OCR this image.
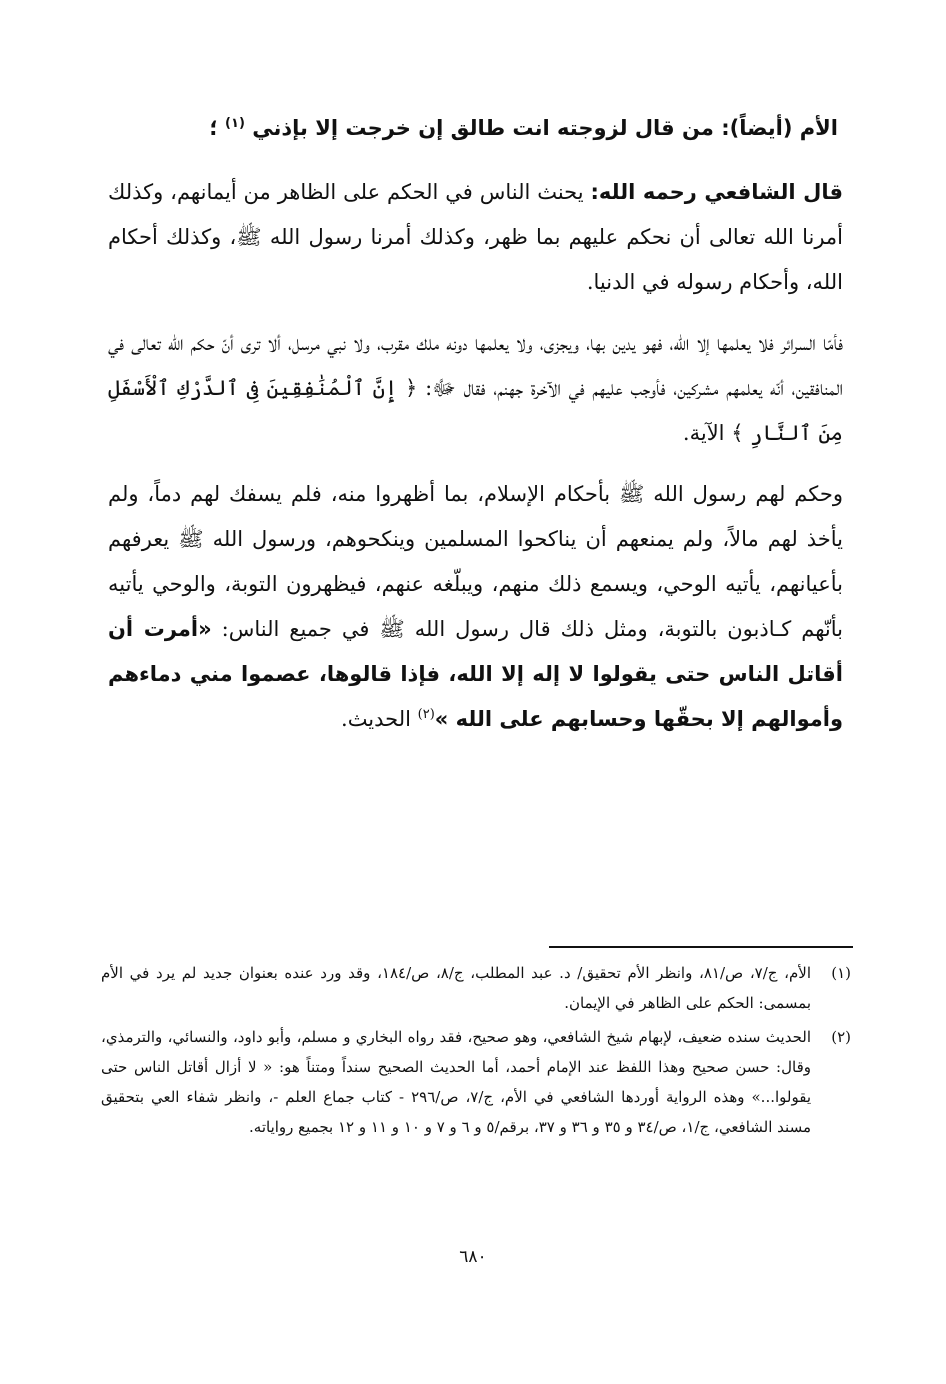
الأم (أيضاً): من قال لزوجته انت طالق إن خرجت إلا بإذني $^{(١)}$ ؛

قال الشافعي رحمه الله: يحنث الناس في الحكم على الظاهر من أيمانهم، وكذلك أمرنا الله تعالى أن نحكم عليهم بما ظهر، وكذلك أمرنا رسول الله ﷺ، وكذلك أحكام الله، وأحكام رسوله في الدنيا.

فأمّا السرائر فلا يعلمها إلا الله، فهو يدين بها، ويجزى، ولا يعلمها دونه ملك مقرب، ولا نبي مرسل، ألا ترى أنّ حكم الله تعالى في المنافقين، أنّه يعلمهم مشركين، فأوجب عليهم في الآخرة جهنم، فقال ﷻ: ﴿ إِنَّ ٱلْمُنَٰفِقِينَ فِى ٱلدَّرْكِ ٱلْأَسْفَلِ مِنَ ٱلنَّارِ ﴾ الآية.

وحكم لهم رسول الله ﷺ بأحكام الإسلام، بما أظهروا منه، فلم يسفك لهم دماً، ولم يأخذ لهم مالاً، ولم يمنعهم أن يناكحوا المسلمين وينكحوهم، ورسول الله ﷺ يعرفهم بأعيانهم، يأتيه الوحي، ويسمع ذلك منهم، ويبلّغه عنهم، فيظهرون التوبة، والوحي يأتيه بأنّهم كـاذبون بالتوبة، ومثل ذلك قال رسول الله ﷺ في جميع الناس: «أمرت أن أقاتل الناس حتى يقولوا لا إله إلا الله، فإذا قالوها، عصموا مني دماءهم وأموالهم إلا بحقّها وحسابهم على الله »$^{(٢)}$ الحديث.

(١)
الأم، ج/٧، ص/٨١، وانظر الأم تحقيق/ د. عبد المطلب، ج/٨، ص/١٨٤، وقد ورد عنده بعنوان جديد لم يرد في الأم بمسمى: الحكم على الظاهر في الإيمان.
(٢)
الحديث سنده ضعيف، لإبهام شيخ الشافعي، وهو صحيح، فقد رواه البخاري و مسلم، وأبو داود، والنسائي، والترمذي، وقال: حسن صحيح وهذا اللفظ عند الإمام أحمد، أما الحديث الصحيح سنداً ومتناً هو: « لا أزال أقاتل الناس حتى يقولوا...» وهذه الرواية أوردها الشافعي في الأم، ج/٧، ص/٢٩٦ - كتاب جماع العلم -، وانظر شفاء العي بتحقيق مسند الشافعي، ج/١، ص/٣٤ و ٣٥ و ٣٦ و ٣٧، برقم/٥ و ٦ و ٧ و ١٠ و ١١ و ١٢ بجميع رواياته.
٦٨٠
